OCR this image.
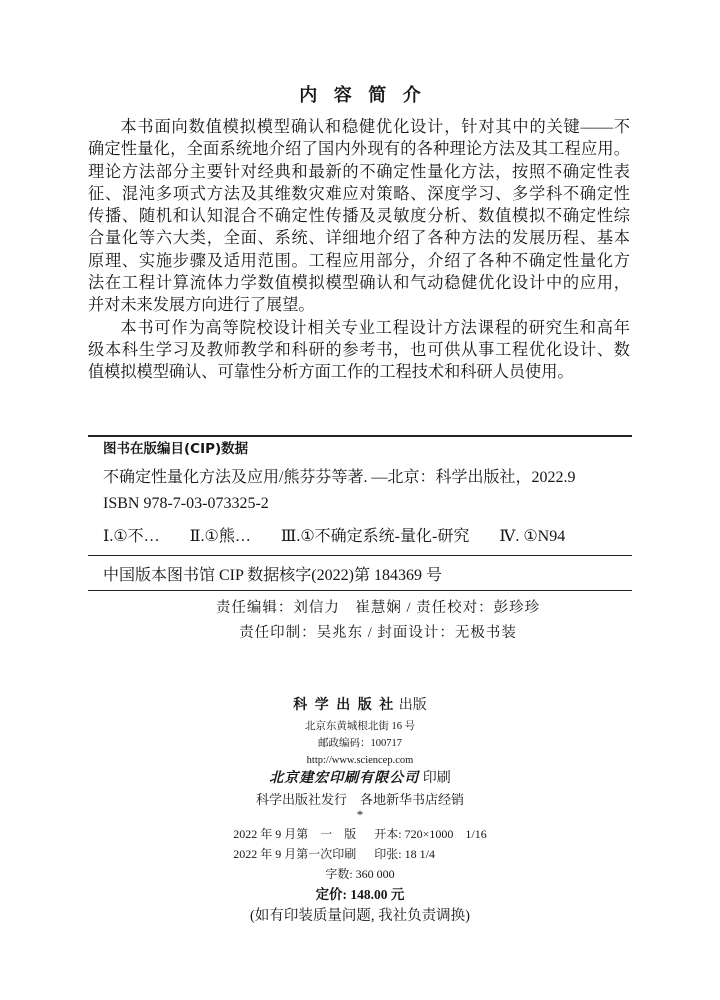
内 容 简 介
本书面向数值模拟模型确认和稳健优化设计，针对其中的关键——不
确定性量化，全面系统地介绍了国内外现有的各种理论方法及其工程应用。
理论方法部分主要针对经典和最新的不确定性量化方法，按照不确定性表
征、混沌多项式方法及其维数灾难应对策略、深度学习、多学科不确定性
传播、随机和认知混合不确定性传播及灵敏度分析、数值模拟不确定性综
合量化等六大类，全面、系统、详细地介绍了各种方法的发展历程、基本
原理、实施步骤及适用范围。工程应用部分，介绍了各种不确定性量化方
法在工程计算流体力学数值模拟模型确认和气动稳健优化设计中的应用，
并对未来发展方向进行了展望。
本书可作为高等院校设计相关专业工程设计方法课程的研究生和高年
级本科生学习及教师教学和科研的参考书，也可供从事工程优化设计、数
值模拟模型确认、可靠性分析方面工作的工程技术和科研人员使用。
图书在版编目(CIP)数据
不确定性量化方法及应用/熊芬芬等著. —北京：科学出版社，2022.9
ISBN 978-7-03-073325-2
Ⅰ.①不… Ⅱ.①熊… Ⅲ.①不确定系统-量化-研究 Ⅳ. ①N94
中国版本图书馆 CIP 数据核字(2022)第 184369 号
责任编辑：刘信力　崔慧娴 / 责任校对：彭珍珍
责任印制：吴兆东 / 封面设计：无极书装
科 学 出 版 社 出版
北京东黄城根北街 16 号
邮政编码：100717
http://www.sciencep.com
北京建宏印刷有限公司 印刷
科学出版社发行　各地新华书店经销
*
2022 年 9 月第　一　版 开本: 720×1000　1/16
2022 年 9 月第一次印刷 印张: 18 1/4
字数: 360 000
定价: 148.00 元
(如有印装质量问题, 我社负责调换)
